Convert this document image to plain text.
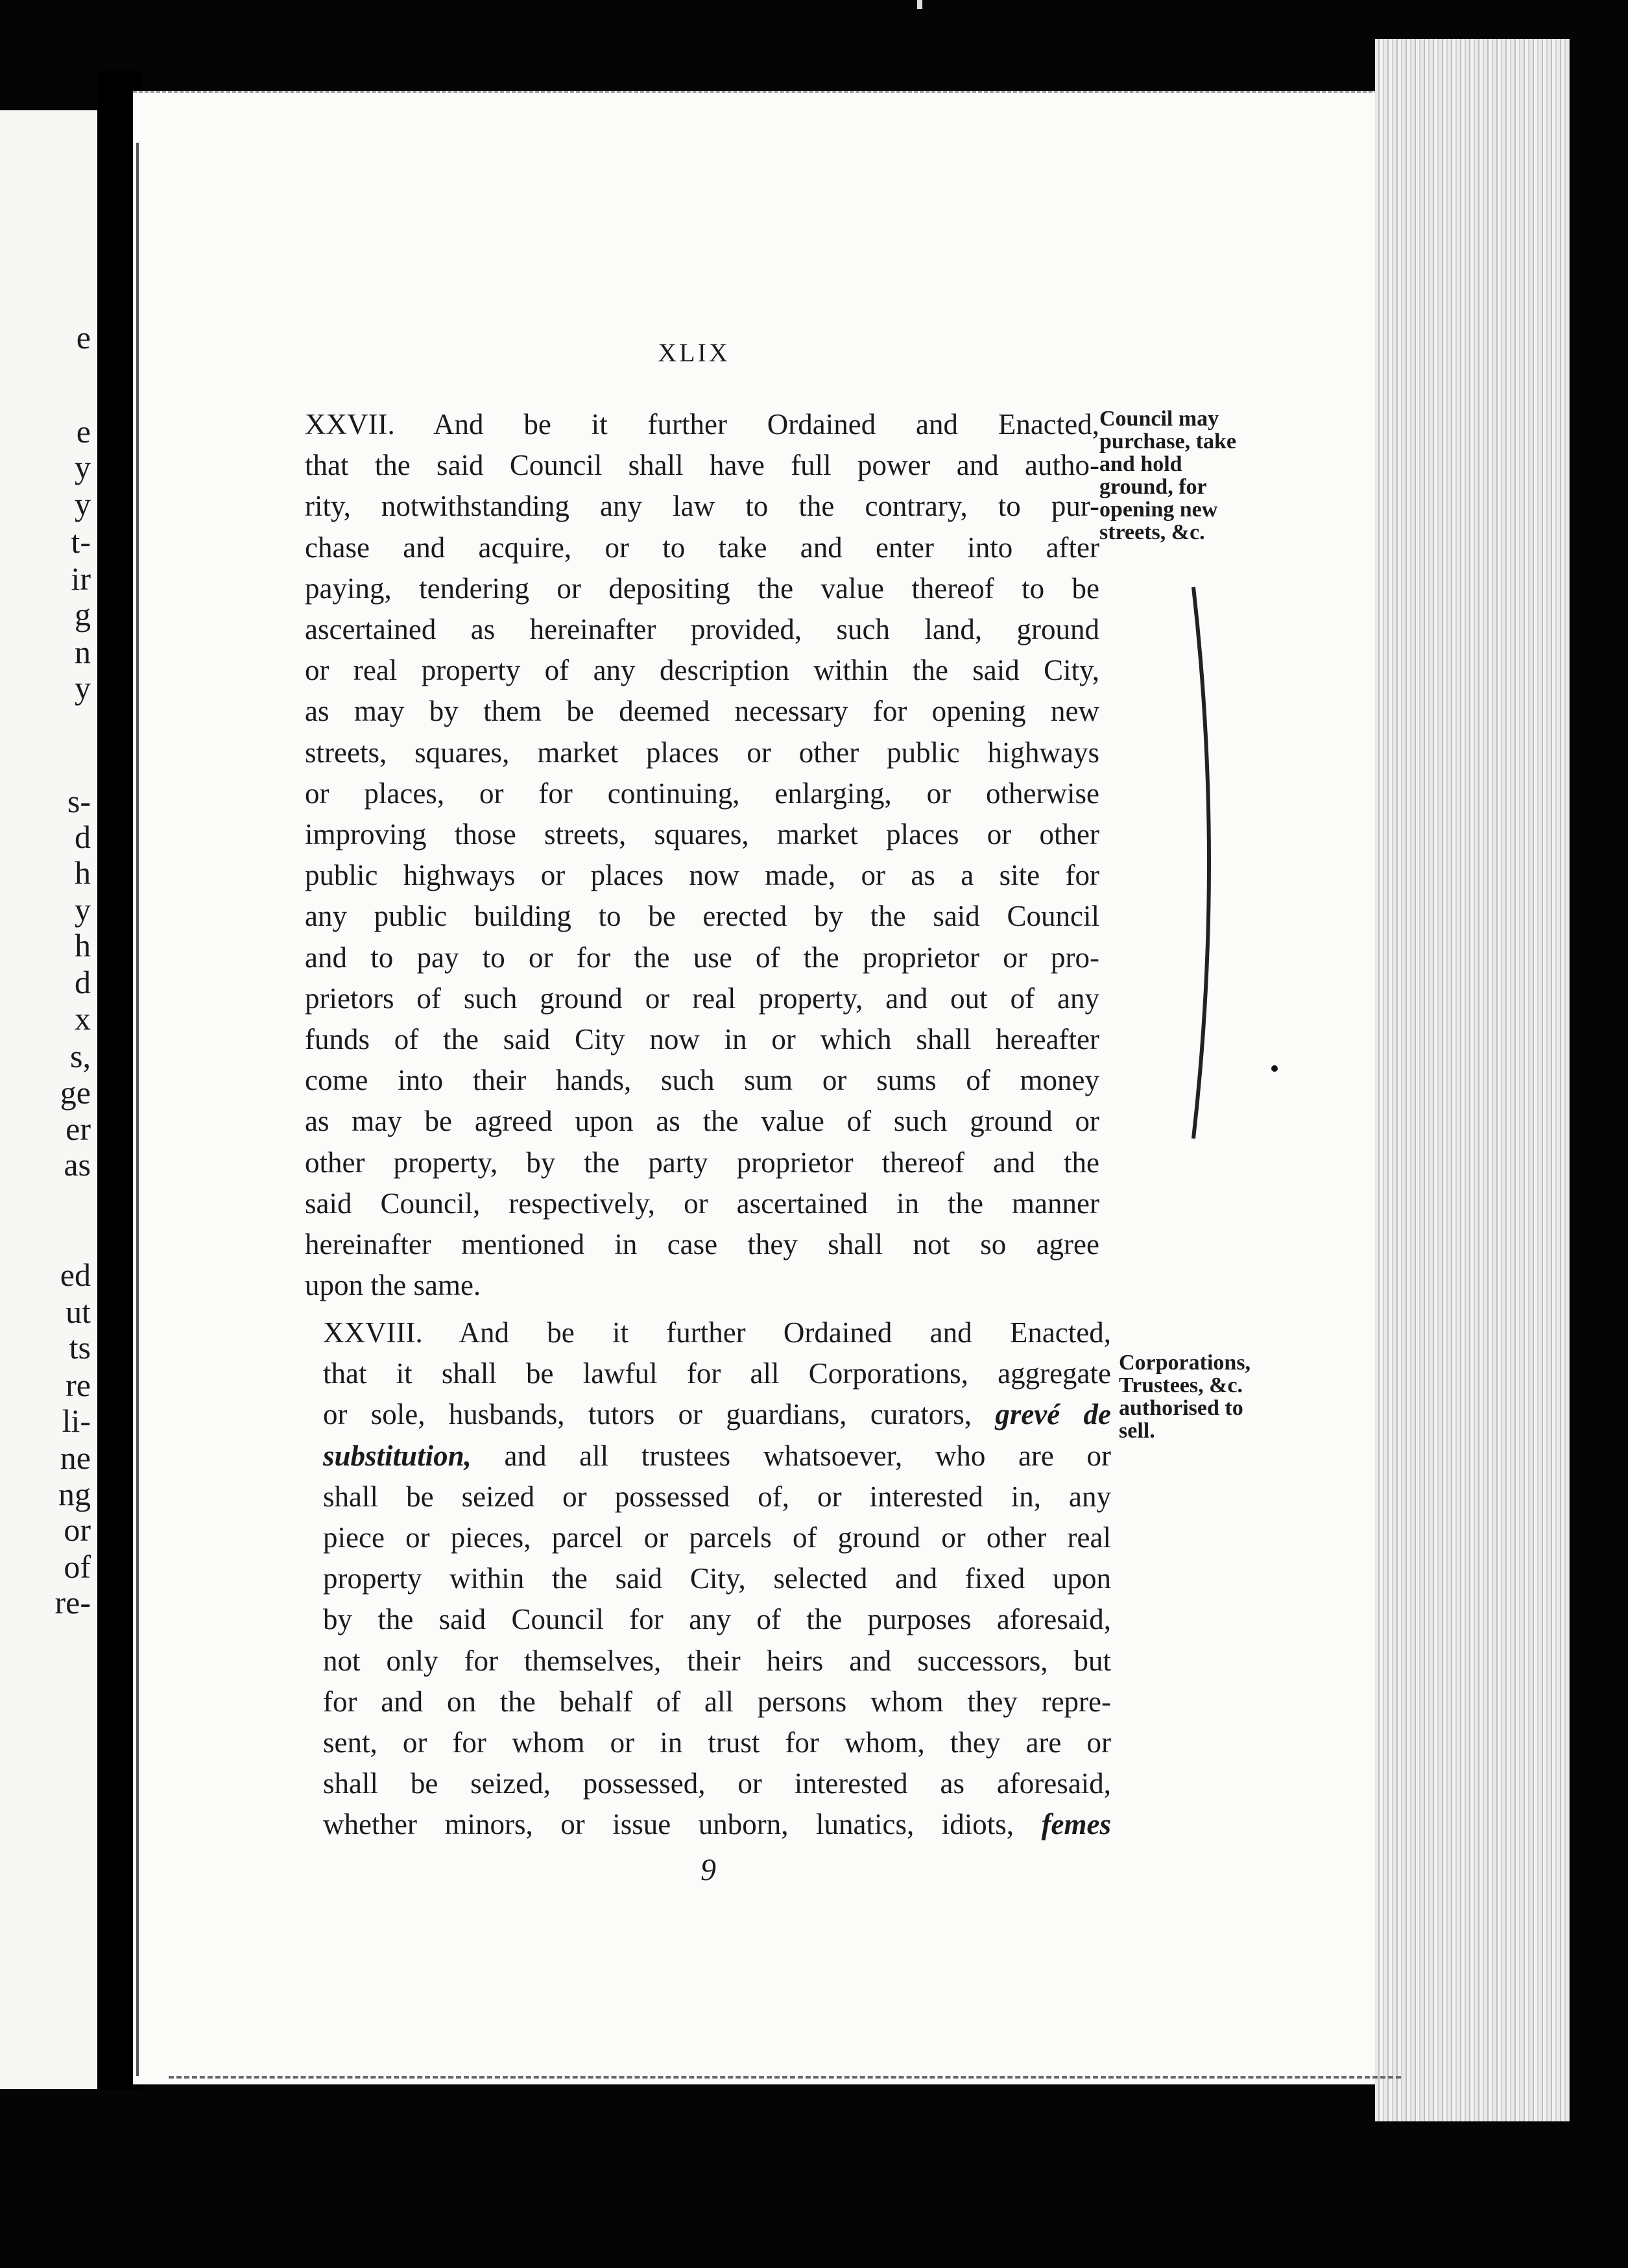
e
e
y
y
t-
ir
g
n
y
s-
d
h
y
h
d
x
s,
ge
er
as
ed
ut
ts
re
li-
ne
ng
or
of
re-
XLIX
XXVII. And be it further Ordained and Enacted,
that the said Council shall have full power and autho-
rity, notwithstanding any law to the contrary, to pur-
chase and acquire, or to take and enter into after
paying, tendering or depositing the value thereof to be
ascertained as hereinafter provided, such land, ground
or real property of any description within the said City,
as may by them be deemed necessary for opening new
streets, squares, market places or other public highways
or places, or for continuing, enlarging, or otherwise
improving those streets, squares, market places or other
public highways or places now made, or as a site for
any public building to be erected by the said Council
and to pay to or for the use of the proprietor or pro-
prietors of such ground or real property, and out of any
funds of the said City now in or which shall hereafter
come into their hands, such sum or sums of money
as may be agreed upon as the value of such ground or
other property, by the party proprietor thereof and the
said Council, respectively, or ascertained in the manner
hereinafter mentioned in case they shall not so agree
upon the same.
Council may
purchase, take
and hold
ground, for
opening new
streets, &c.
XXVIII. And be it further Ordained and Enacted,
that it shall be lawful for all Corporations, aggregate
or sole, husbands, tutors or guardians, curators, grevé de
substitution, and all trustees whatsoever, who are or
shall be seized or possessed of, or interested in, any
piece or pieces, parcel or parcels of ground or other real
property within the said City, selected and fixed upon
by the said Council for any of the purposes aforesaid,
not only for themselves, their heirs and successors, but
for and on the behalf of all persons whom they repre-
sent, or for whom or in trust for whom, they are or
shall be seized, possessed, or interested as aforesaid,
whether minors, or issue unborn, lunatics, idiots, femes
Corporations,
Trustees, &c.
authorised to
sell.
9
